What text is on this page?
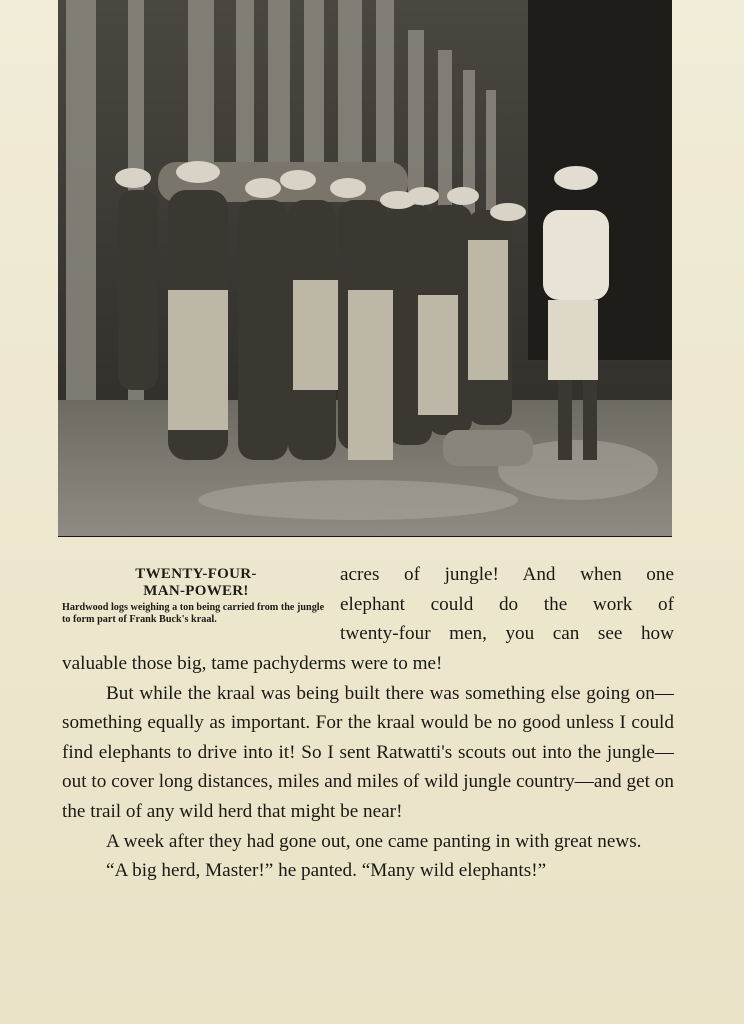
TWENTY-FOUR-
MAN-POWER!
Hardwood logs weighing a ton being carried from the jungle to form part of Frank Buck's kraal.
acres of jungle! And when one
elephant could do the work of
twenty-four men, you can see how

valuable those big, tame pachyderms were to me!

But while the kraal was being built there was something else going on—something equally as important. For the kraal would be no good unless I could find elephants to drive into it! So I sent Ratwatti's scouts out into the jungle—out to cover long distances, miles and miles of wild jungle country—and get on the trail of any wild herd that might be near!

A week after they had gone out, one came panting in with great news.

“A big herd, Master!” he panted. “Many wild elephants!”
